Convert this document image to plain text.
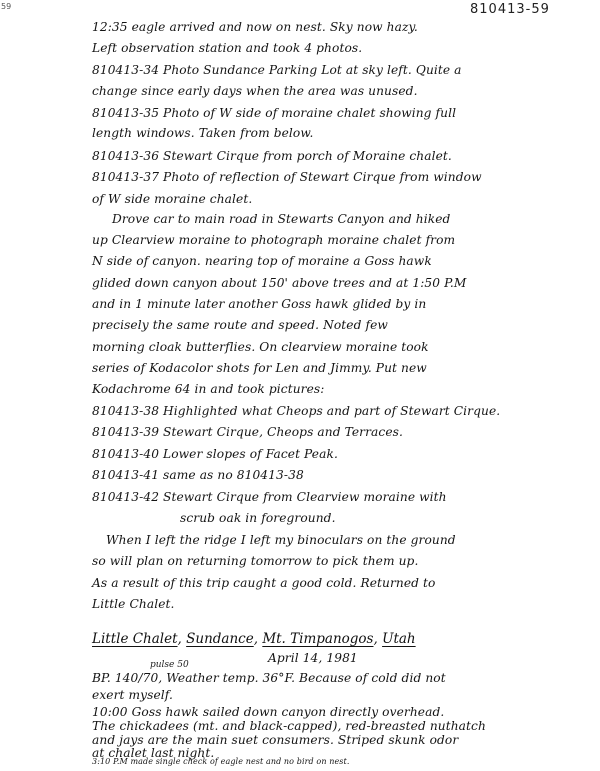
59	810413-59
12:35 eagle arrived and now on nest. Sky now hazy.
Left observation station and took 4 photos.
810413-34 Photo Sundance Parking Lot at sky left. Quite a
change since early days when the area was unused.
810413-35 Photo of W side of moraine chalet showing full
length windows. Taken from below.
810413-36 Stewart Cirque from porch of Moraine chalet.
810413-37 Photo of reflection of Stewart Cirque from window
of W side moraine chalet.
Drove car to main road in Stewarts Canyon and hiked
up Clearview moraine to photograph moraine chalet from
N side of canyon. nearing top of moraine a Goss hawk
glided down canyon about 150' above trees and at 1:50 P.M
and in 1 minute later another Goss hawk glided by in
precisely the same route and speed. Noted few
morning cloak butterflies. On clearview moraine took
series of Kodacolor shots for Len and Jimmy. Put new
Kodachrome 64 in and took pictures:
810413-38 Highlighted what Cheops and part of Stewart Cirque.
810413-39 Stewart Cirque, Cheops and Terraces.
810413-40 Lower slopes of Facet Peak.
810413-41 same as no 810413-38
810413-42 Stewart Cirque from Clearview moraine with
scrub oak in foreground.
When I left the ridge I left my binoculars on the ground
so will plan on returning tomorrow to pick them up.
As a result of this trip caught a good cold. Returned to
Little Chalet.
Little Chalet, Sundance, Mt. Timpanogos, Utah
April 14, 1981
pulse 50
BP. 140/70, Weather temp. 36°F. Because of cold did not
exert myself.
10:00 Goss hawk sailed down canyon directly overhead.
The chickadees (mt. and black-capped), red-breasted nuthatch
and jays are the main suet consumers. Striped skunk odor
at chalet last night.
3:10 P.M made single check of eagle nest and no bird on nest.
